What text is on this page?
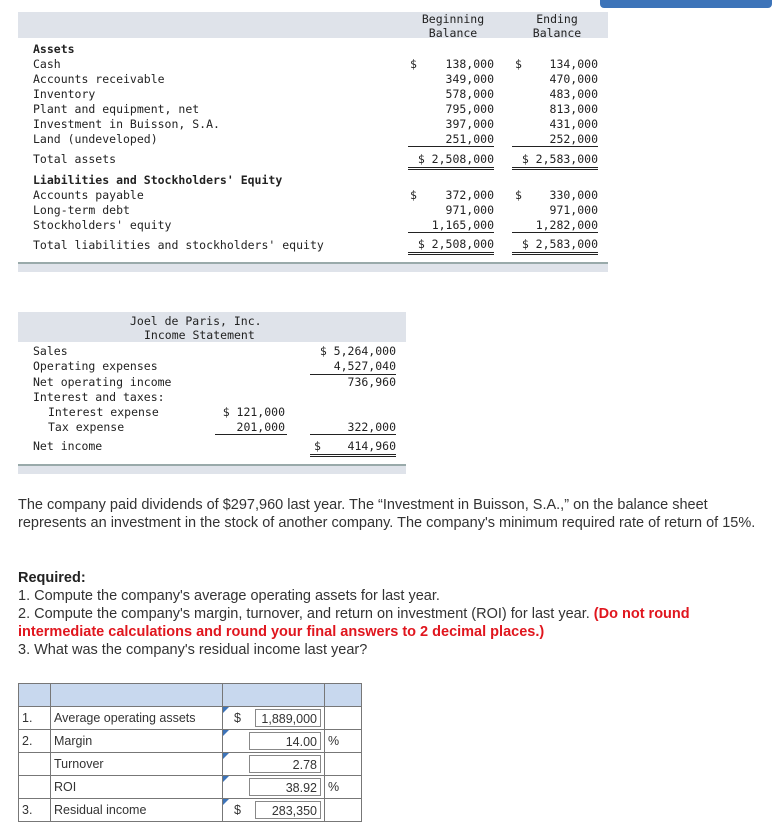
Beginning
Balance
Ending
Balance
Assets
Cash	$	138,000 $	134,000
Accounts receivable	349,000	470,000
Inventory	578,000	483,000
Plant and equipment, net	795,000	813,000
Investment in Buisson, S.A.	397,000	431,000
Land (undeveloped)	251,000	252,000
Total assets	$ 2,508,000	$ 2,583,000
Liabilities and Stockholders' Equity
Accounts payable	$	372,000 $	330,000
Long-term debt	971,000	971,000
Stockholders' equity	1,165,000	1,282,000
Total liabilities and stockholders' equity	$ 2,508,000	$ 2,583,000
Joel de Paris, Inc.
Income Statement
Sales	$ 5,264,000
Operating expenses	4,527,040
Net operating income	736,960
Interest and taxes:
Interest expense	$ 121,000
Tax expense	201,000	322,000
Net income	$	414,960
The company paid dividends of $297,960 last year. The “Investment in Buisson, S.A.,” on the balance sheet represents an investment in the stock of another company. The company's minimum required rate of return of 15%.
Required:
1. Compute the company's average operating assets for last year.
2. Compute the company's margin, turnover, and return on investment (ROI) for last year. (Do not round intermediate calculations and round your final answers to 2 decimal places.)
3. What was the company's residual income last year?

1.	Average operating assets	$ 1,889,000	

2.	Margin	14.00	%
	Turnover	2.78	

	ROI	38.92	%
3.	Residual income	$ 283,350	
